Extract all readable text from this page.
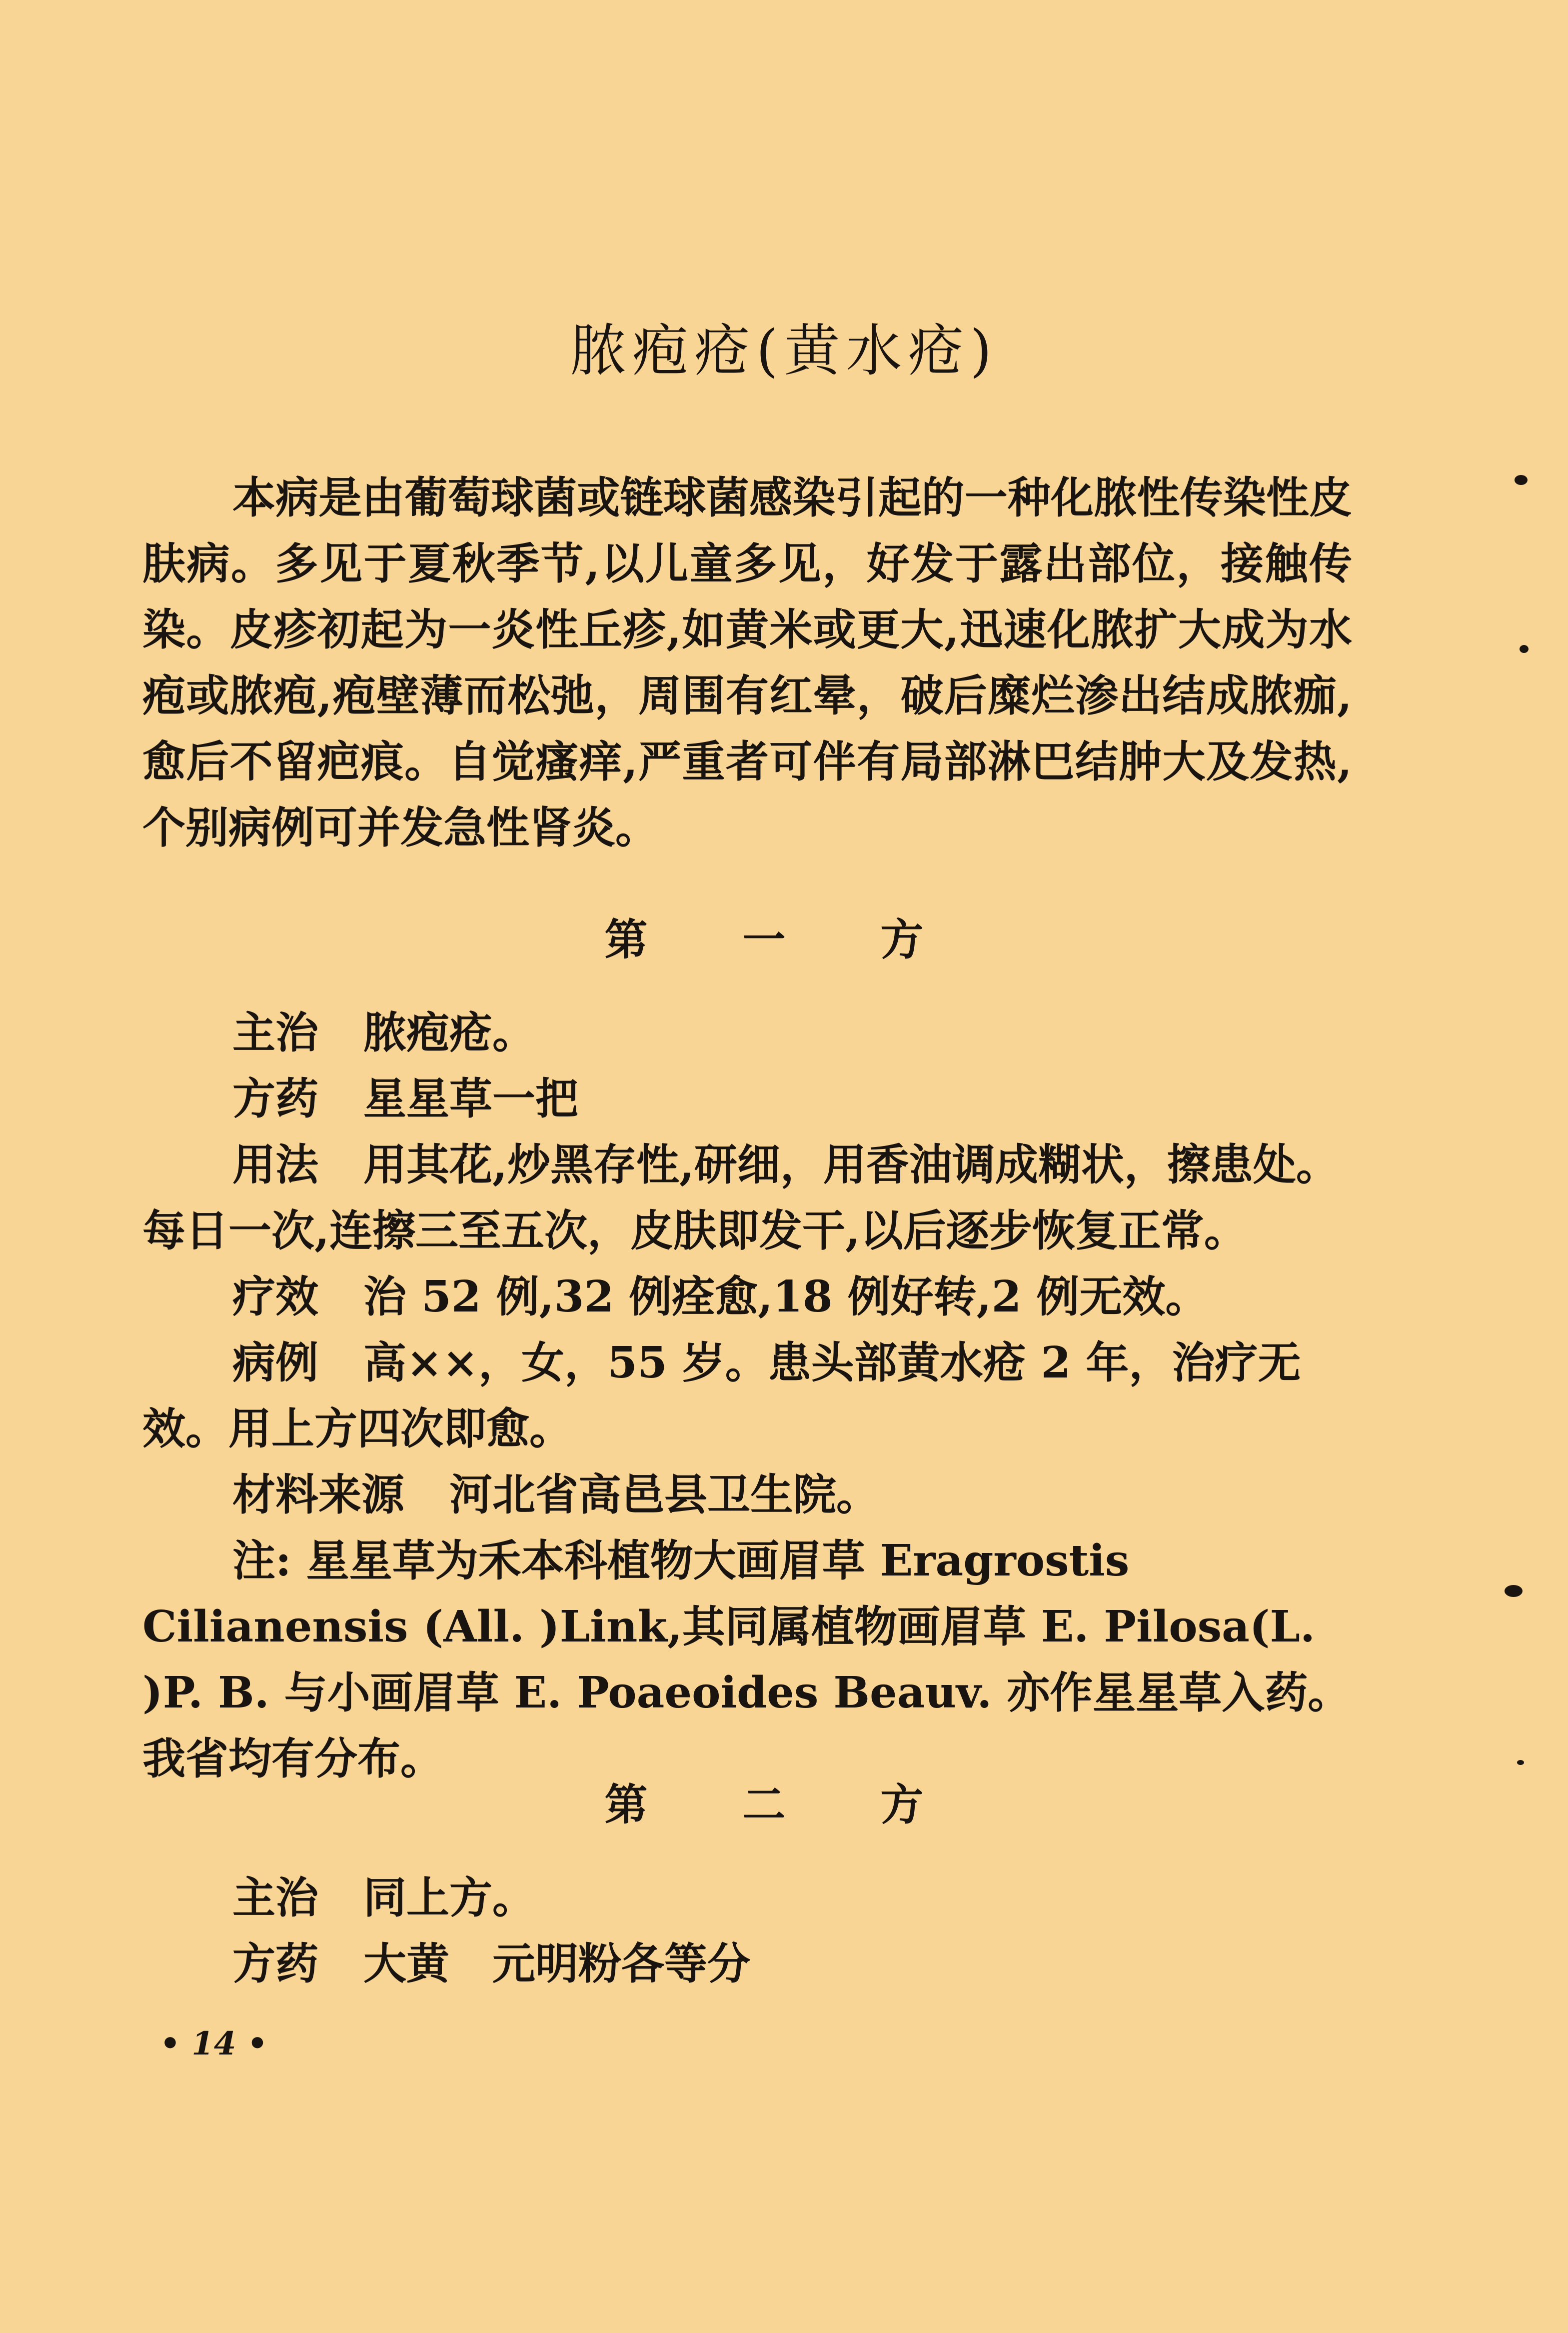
脓疱疮(黄水疮)

本病是由葡萄球菌或链球菌感染引起的一种化脓性传染性皮肤病。多见于夏秋季节,以儿童多见，好发于露出部位，接触传染。皮疹初起为一炎性丘疹,如黄米或更大,迅速化脓扩大成为水疱或脓疱,疱壁薄而松弛，周围有红晕，破后糜烂渗出结成脓痂,愈后不留疤痕。自觉瘙痒,严重者可伴有局部淋巴结肿大及发热,个别病例可并发急性肾炎。

第 一 方

主治 脓疱疮。

方药 星星草一把

用法 用其花,炒黑存性,研细，用香油调成糊状，擦患处。每日一次,连擦三至五次，皮肤即发干,以后逐步恢复正常。

疗效 治 52 例,32 例痊愈,18 例好转,2 例无效。

病例 高××，女，55 岁。患头部黄水疮 2 年，治疗无效。用上方四次即愈。

材料来源 河北省高邑县卫生院。

注: 星星草为禾本科植物大画眉草 Eragrostis Cilianensis (All. )Link,其同属植物画眉草 E. Pilosa(L. )P. B. 与小画眉草 E. Poaeoides Beauv. 亦作星星草入药。我省均有分布。

第 二 方

主治 同上方。

方药 大黄　元明粉各等分

• 14 •
